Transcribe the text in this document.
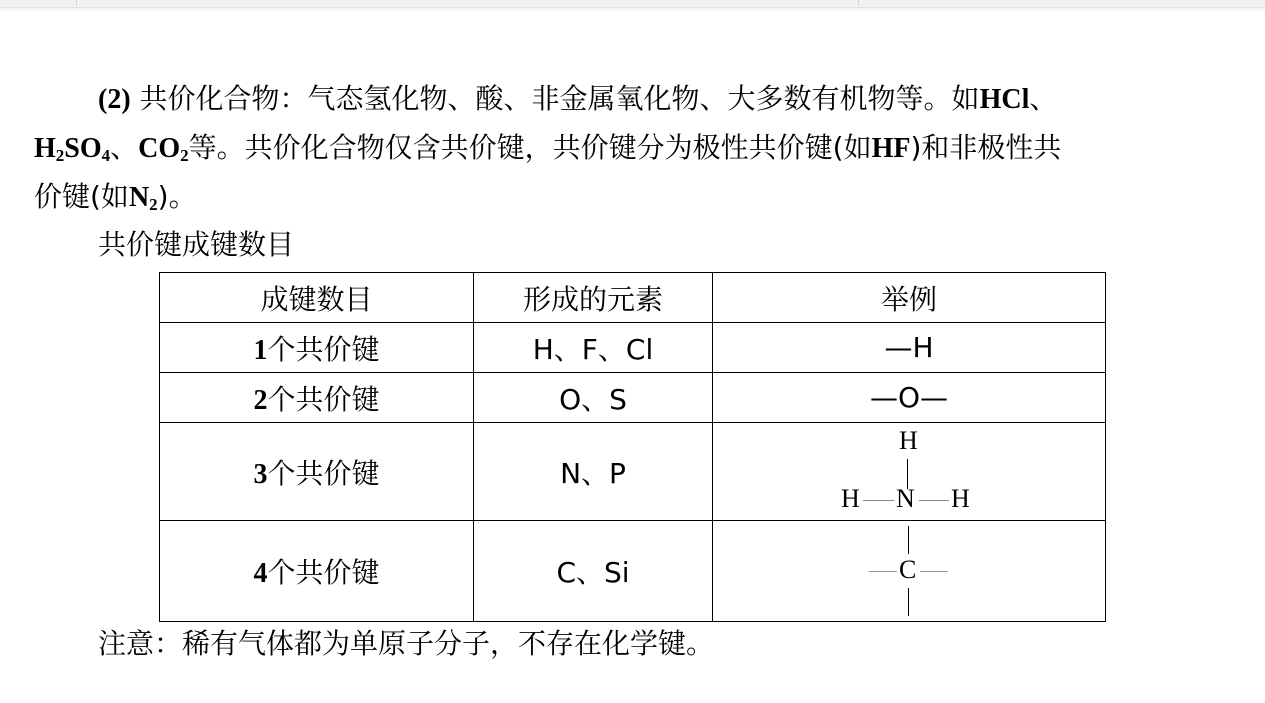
(2) 共价化合物：气态氢化物、酸、非金属氧化物、大多数有机物等。如HCl、
$H_2SO_4$、$CO_2$等。共价化合物仅含共价键，共价键分为极性共价键(如HF)和非极性共
价键(如$N_2$)。
共价键成键数目
成键数目	形成的元素	举例
1个共价键	H、F、Cl	—H
2个共价键	O、S	—O—
3个共价键	N、P	H
H N H

4个共价键	C、Si	C
注意：稀有气体都为单原子分子，不存在化学键。
